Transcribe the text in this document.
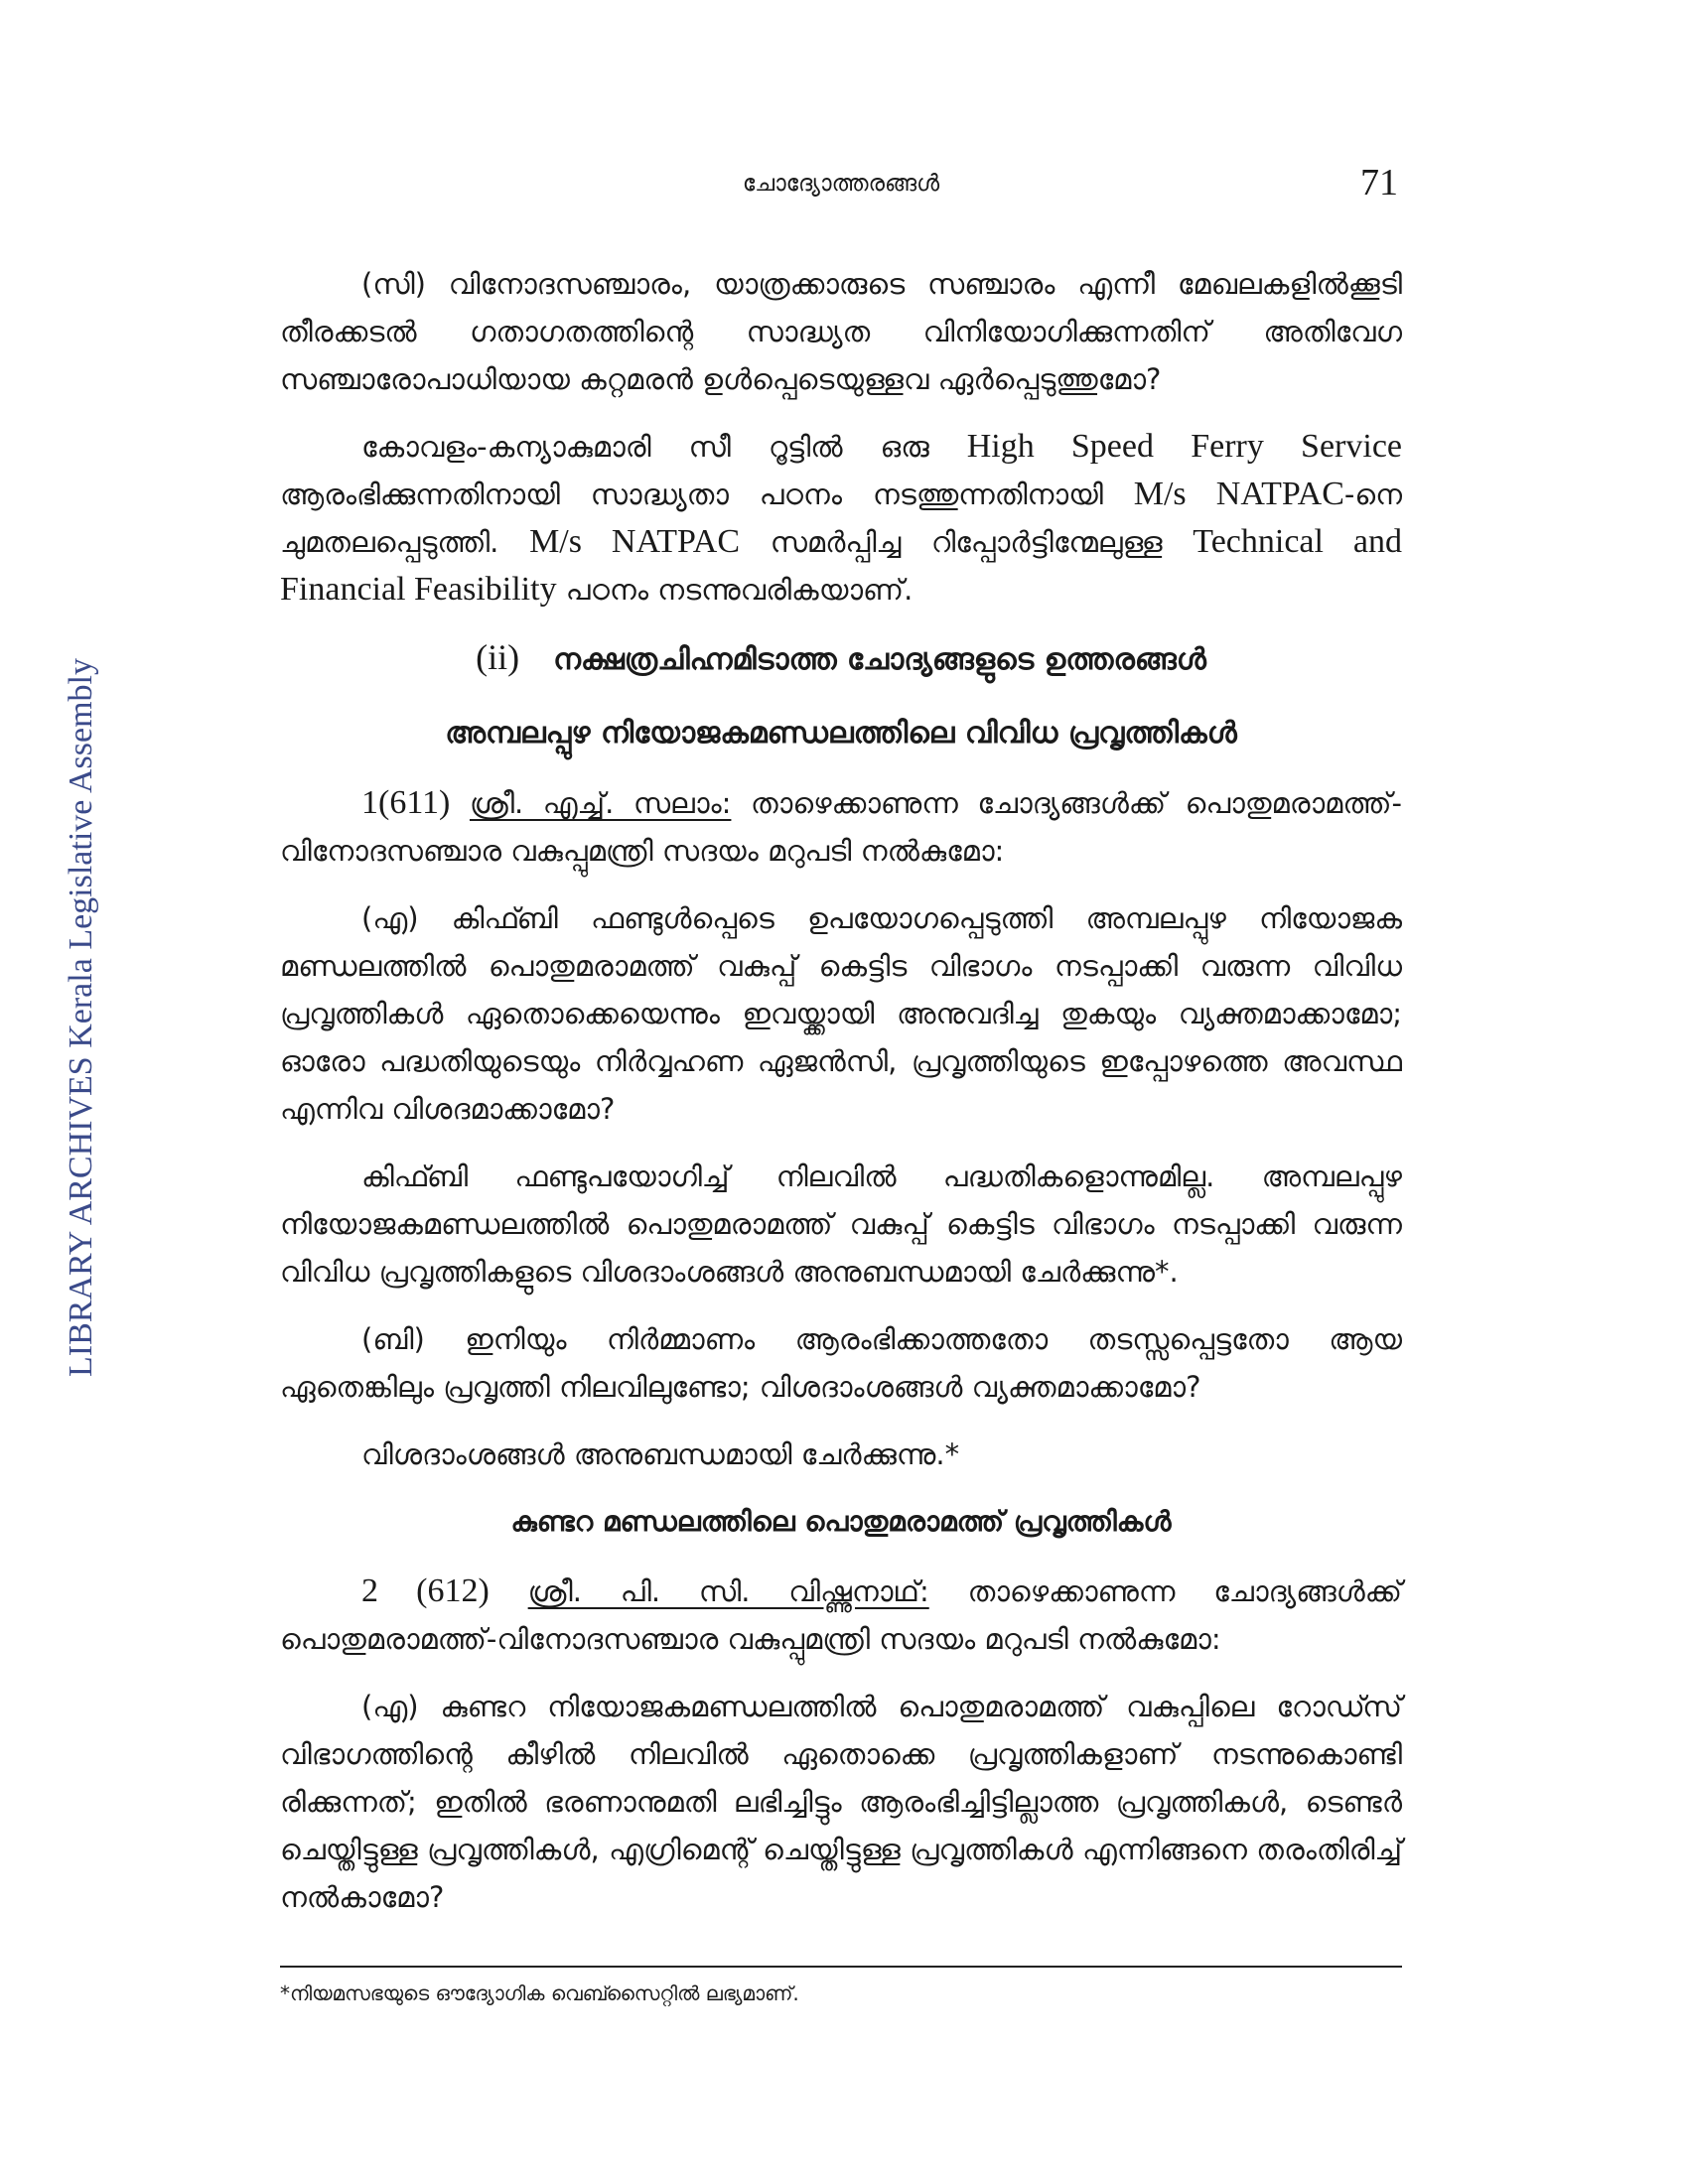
LIBRARY ARCHIVES Kerala Legislative Assembly
ചോദ്യോത്തരങ്ങൾ	71

(സി) വിനോദസഞ്ചാരം, യാത്രക്കാരുടെ സഞ്ചാരം എന്നീ മേഖലകളിൽക്കൂടി തീരക്കടൽ ഗതാഗതത്തിന്റെ സാദ്ധ്യത വിനിയോഗിക്കുന്നതിന് അതിവേഗ സഞ്ചാരോപാധിയായ കറ്റമരൻ ഉൾപ്പെടെയുള്ളവ ഏർപ്പെടുത്തുമോ?

കോവളം-കന്യാകുമാരി സീ റൂട്ടിൽ ഒരു High Speed Ferry Service ആരംഭിക്കുന്നതിനായി സാദ്ധ്യതാ പഠനം നടത്തുന്നതിനായി M/s NATPAC-നെ ചുമതലപ്പെടുത്തി. M/s NATPAC സമർപ്പിച്ച റിപ്പോർട്ടിന്മേലുള്ള Technical and Financial Feasibility പഠനം നടന്നുവരികയാണ്.

(ii) നക്ഷത്രചിഹ്നമിടാത്ത ചോദ്യങ്ങളുടെ ഉത്തരങ്ങൾ
അമ്പലപ്പുഴ നിയോജകമണ്ഡലത്തിലെ വിവിധ പ്രവൃത്തികൾ

1(611) ശ്രീ. എച്ച്. സലാം: താഴെക്കാണുന്ന ചോദ്യങ്ങൾക്ക് പൊതുമരാമത്ത്-വിനോദസഞ്ചാര വകുപ്പുമന്ത്രി സദയം മറുപടി നൽകുമോ:

(എ) കിഫ്ബി ഫണ്ടുൾപ്പെടെ ഉപയോഗപ്പെടുത്തി അമ്പലപ്പുഴ നിയോജക മണ്ഡലത്തിൽ പൊതുമരാമത്ത് വകുപ്പ് കെട്ടിട വിഭാഗം നടപ്പാക്കി വരുന്ന വിവിധ പ്രവൃത്തികൾ ഏതൊക്കെയെന്നും ഇവയ്ക്കായി അനുവദിച്ച തുകയും വ്യക്തമാക്കാമോ; ഓരോ പദ്ധതിയുടെയും നിർവ്വഹണ ഏജൻസി, പ്രവൃത്തിയുടെ ഇപ്പോഴത്തെ അവസ്ഥ എന്നിവ വിശദമാക്കാമോ?

കിഫ്ബി ഫണ്ടുപയോഗിച്ച് നിലവിൽ പദ്ധതികളൊന്നുമില്ല. അമ്പലപ്പുഴ നിയോജകമണ്ഡലത്തിൽ പൊതുമരാമത്ത് വകുപ്പ് കെട്ടിട വിഭാഗം നടപ്പാക്കി വരുന്ന വിവിധ പ്രവൃത്തികളുടെ വിശദാംശങ്ങൾ അനുബന്ധമായി ചേർക്കുന്നു*.

(ബി) ഇനിയും നിർമ്മാണം ആരംഭിക്കാത്തതോ തടസ്സപ്പെട്ടതോ ആയ ഏതെങ്കിലും പ്രവൃത്തി നിലവിലുണ്ടോ; വിശദാംശങ്ങൾ വ്യക്തമാക്കാമോ?

വിശദാംശങ്ങൾ അനുബന്ധമായി ചേർക്കുന്നു.*

കുണ്ടറ മണ്ഡലത്തിലെ പൊതുമരാമത്ത് പ്രവൃത്തികൾ

2 (612) ശ്രീ. പി. സി. വിഷ്ണുനാഥ്: താഴെക്കാണുന്ന ചോദ്യങ്ങൾക്ക് പൊതുമരാമത്ത്-വിനോദസഞ്ചാര വകുപ്പുമന്ത്രി സദയം മറുപടി നൽകുമോ:

(എ) കുണ്ടറ നിയോജകമണ്ഡലത്തിൽ പൊതുമരാമത്ത് വകുപ്പിലെ റോഡ്സ് വിഭാഗത്തിന്റെ കീഴിൽ നിലവിൽ ഏതൊക്കെ പ്രവൃത്തികളാണ് നടന്നുകൊണ്ടി രിക്കുന്നത്; ഇതിൽ ഭരണാനുമതി ലഭിച്ചിട്ടും ആരംഭിച്ചിട്ടില്ലാത്ത പ്രവൃത്തികൾ, ടെണ്ടർ ചെയ്തിട്ടുള്ള പ്രവൃത്തികൾ, എഗ്രിമെന്റ് ചെയ്തിട്ടുള്ള പ്രവൃത്തികൾ എന്നിങ്ങനെ തരംതിരിച്ച് നൽകാമോ?

*നിയമസഭയുടെ ഔദ്യോഗിക വെബ്സൈറ്റിൽ ലഭ്യമാണ്.
